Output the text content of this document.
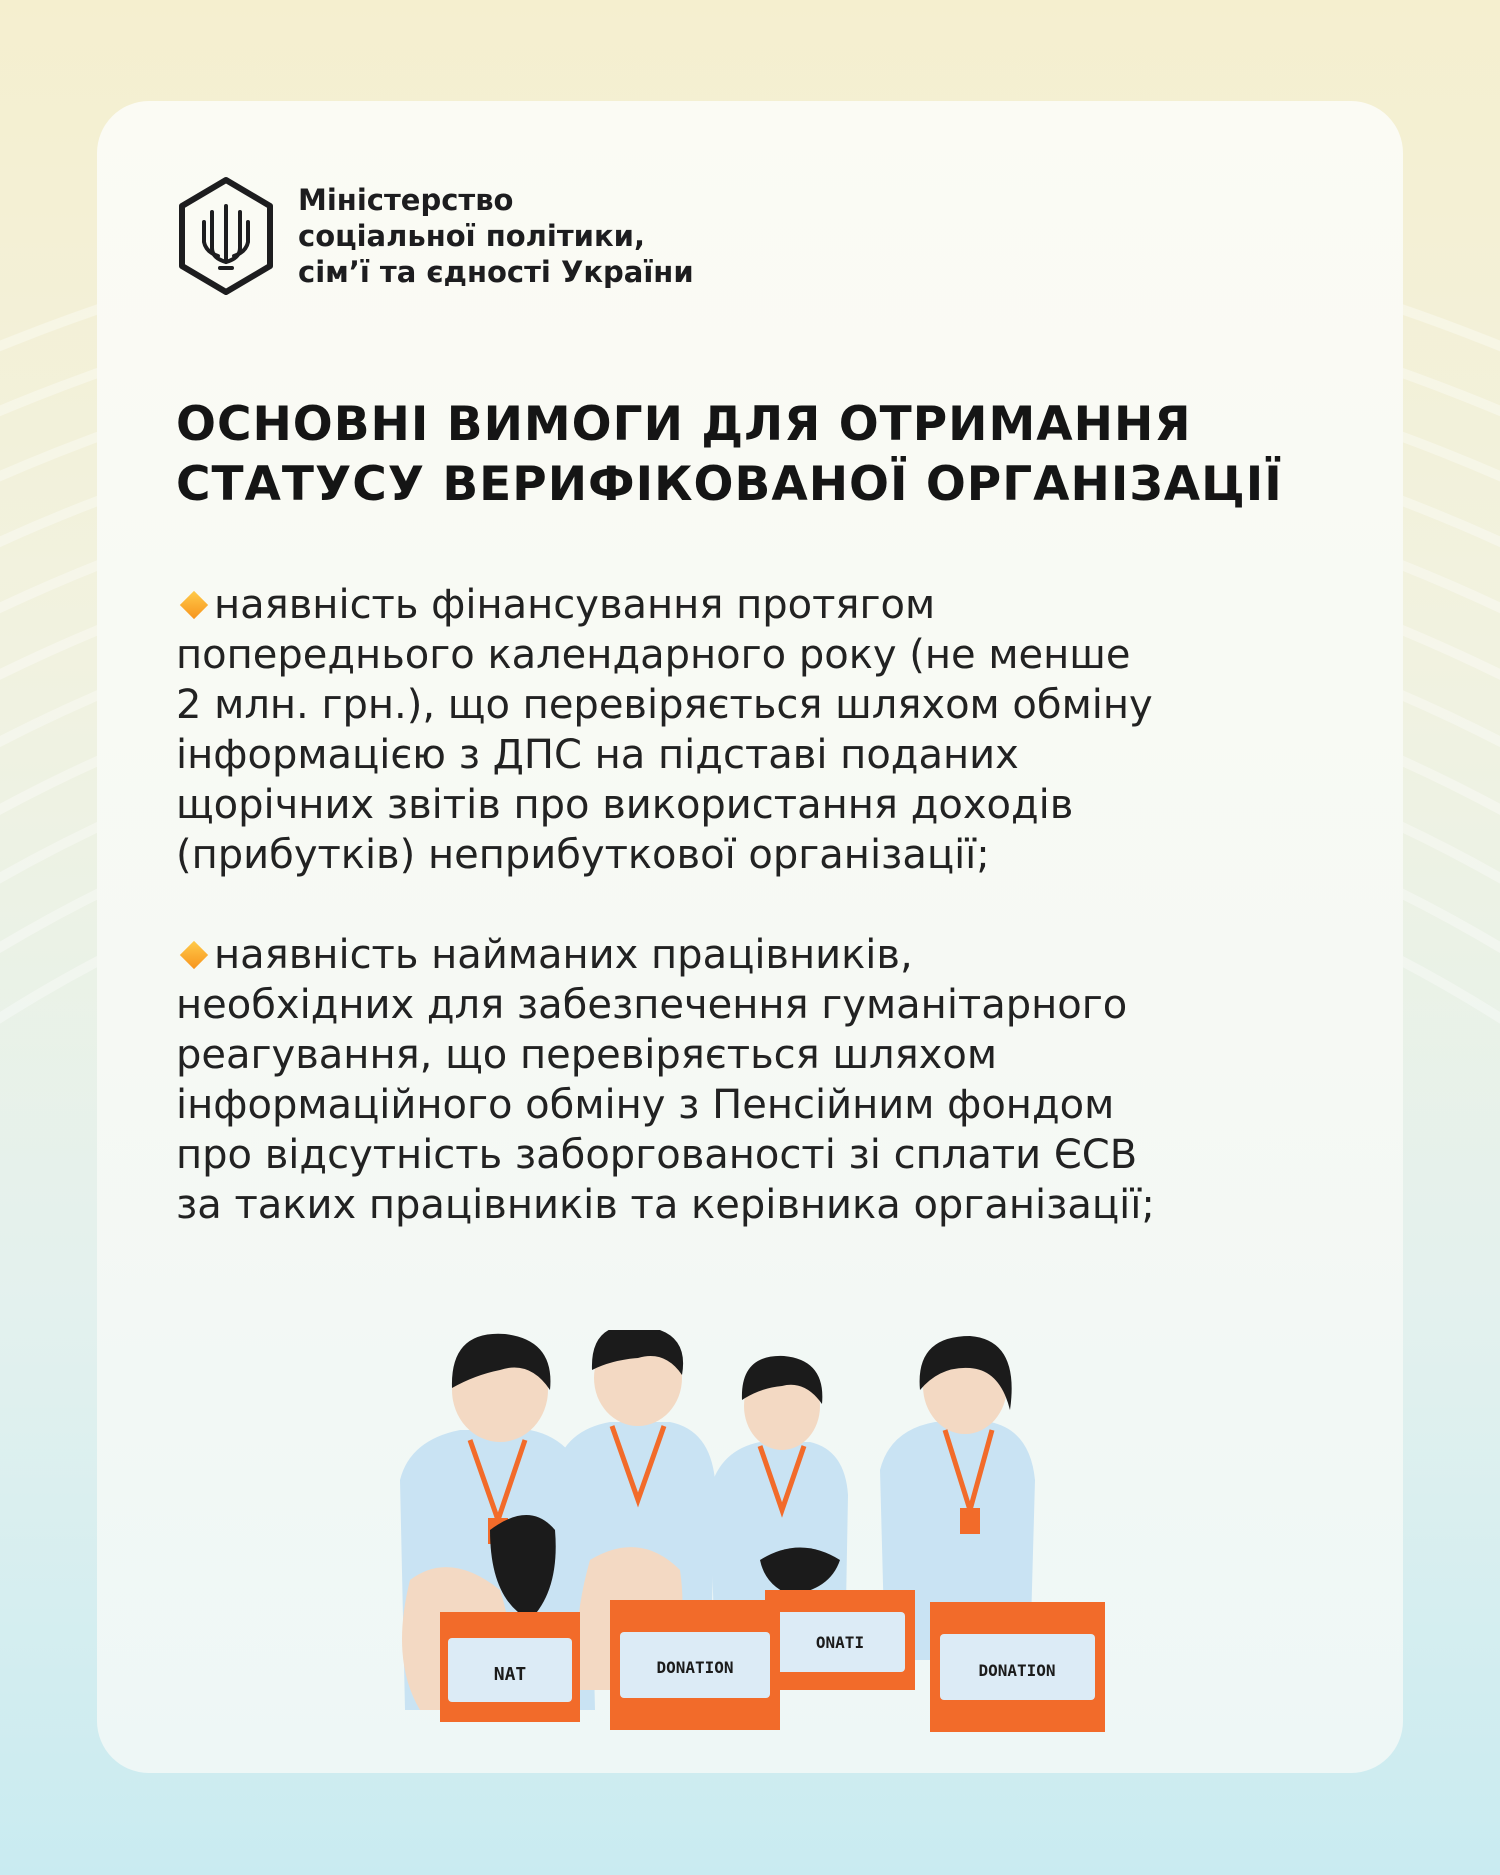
Міністерство
соціальної політики,
сім’ї та єдності України
ОСНОВНІ ВИМОГИ ДЛЯ ОТРИМАННЯ
СТАТУСУ ВЕРИФІКОВАНОЇ ОРГАНІЗАЦІЇ
наявність фінансування протягом
попереднього календарного року (не менше
2 млн. грн.), що перевіряється шляхом обміну
інформацією з ДПС на підставі поданих
щорічних звітів про використання доходів
(прибутків) неприбуткової організації;
наявність найманих працівників,
необхідних для забезпечення гуманітарного
реагування, що перевіряється шляхом
інформаційного обміну з Пенсійним фондом
про відсутність заборгованості зі сплати ЄСВ
за таких працівників та керівника організації;
NAT
ONATI
DONATION	DONATION
